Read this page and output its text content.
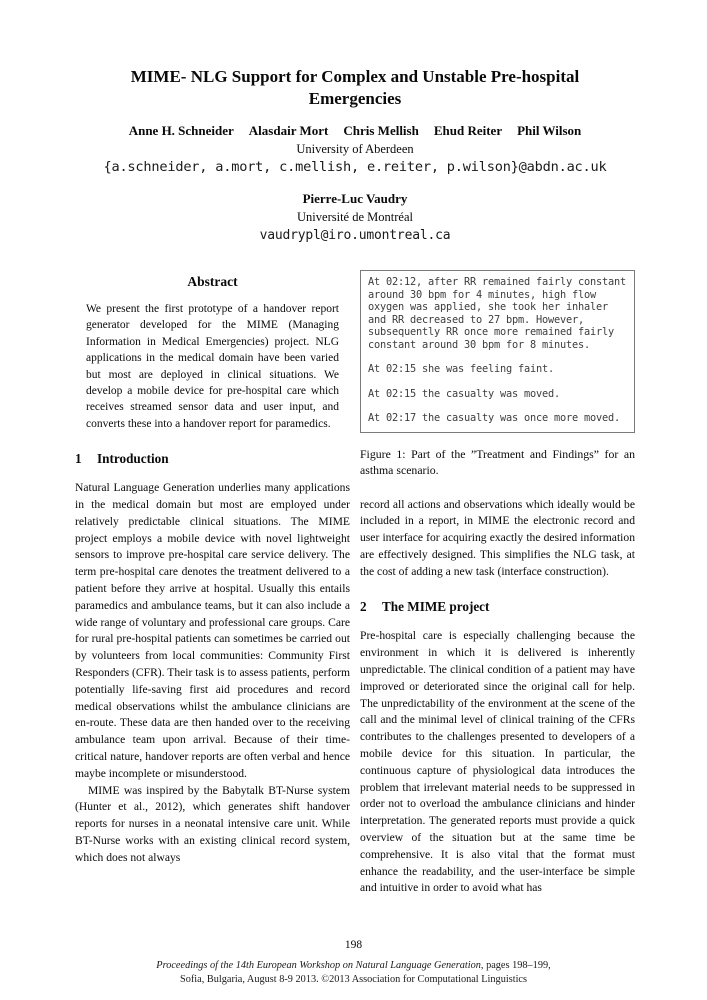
MIME- NLG Support for Complex and Unstable Pre-hospital Emergencies
Anne H. Schneider Alasdair Mort Chris Mellish Ehud Reiter Phil Wilson
University of Aberdeen
{a.schneider, a.mort, c.mellish, e.reiter, p.wilson}@abdn.ac.uk
Pierre-Luc Vaudry
Université de Montréal
vaudrypl@iro.umontreal.ca
Abstract
We present the first prototype of a handover report generator developed for the MIME (Managing Information in Medical Emergencies) project. NLG applications in the medical domain have been varied but most are deployed in clinical situations. We develop a mobile device for pre-hospital care which receives streamed sensor data and user input, and converts these into a handover report for paramedics.
1 Introduction

Natural Language Generation underlies many applications in the medical domain but most are employed under relatively predictable clinical situations. The MIME project employs a mobile device with novel lightweight sensors to improve pre-hospital care service delivery. The term pre-hospital care denotes the treatment delivered to a patient before they arrive at hospital. Usually this entails paramedics and ambulance teams, but it can also include a wide range of voluntary and professional care groups. Care for rural pre-hospital patients can sometimes be carried out by volunteers from local communities: Community First Responders (CFR). Their task is to assess patients, perform potentially life-saving first aid procedures and record medical observations whilst the ambulance clinicians are en-route. These data are then handed over to the receiving ambulance team upon arrival. Because of their time-critical nature, handover reports are often verbal and hence maybe incomplete or misunderstood.

MIME was inspired by the Babytalk BT-Nurse system (Hunter et al., 2012), which generates shift handover reports for nurses in a neonatal intensive care unit. While BT-Nurse works with an existing clinical record system, which does not always

At 02:12, after RR remained fairly constant around 30 bpm for 4 minutes, high flow oxygen was applied, she took her inhaler and RR decreased to 27 bpm. However, subsequently RR once more remained fairly constant around 30 bpm for 8 minutes.

At 02:15 she was feeling faint.

At 02:15 the casualty was moved.

At 02:17 the casualty was once more moved.

Figure 1: Part of the ”Treatment and Findings” for an asthma scenario.

record all actions and observations which ideally would be included in a report, in MIME the electronic record and user interface for acquiring exactly the desired information are effectively designed. This simplifies the NLG task, at the cost of adding a new task (interface construction).

2 The MIME project

Pre-hospital care is especially challenging because the environment in which it is delivered is inherently unpredictable. The clinical condition of a patient may have improved or deteriorated since the original call for help. The unpredictability of the environment at the scene of the call and the minimal level of clinical training of the CFRs contributes to the challenges presented to developers of a mobile device for this situation. In particular, the continuous capture of physiological data introduces the problem that irrelevant material needs to be suppressed in order not to overload the ambulance clinicians and hinder interpretation. The generated reports must provide a quick overview of the situation but at the same time be comprehensive. It is also vital that the format must enhance the readability, and the user-interface be simple and intuitive in order to avoid what has

198
Proceedings of the 14th European Workshop on Natural Language Generation, pages 198–199,
Sofia, Bulgaria, August 8-9 2013. ©2013 Association for Computational Linguistics
